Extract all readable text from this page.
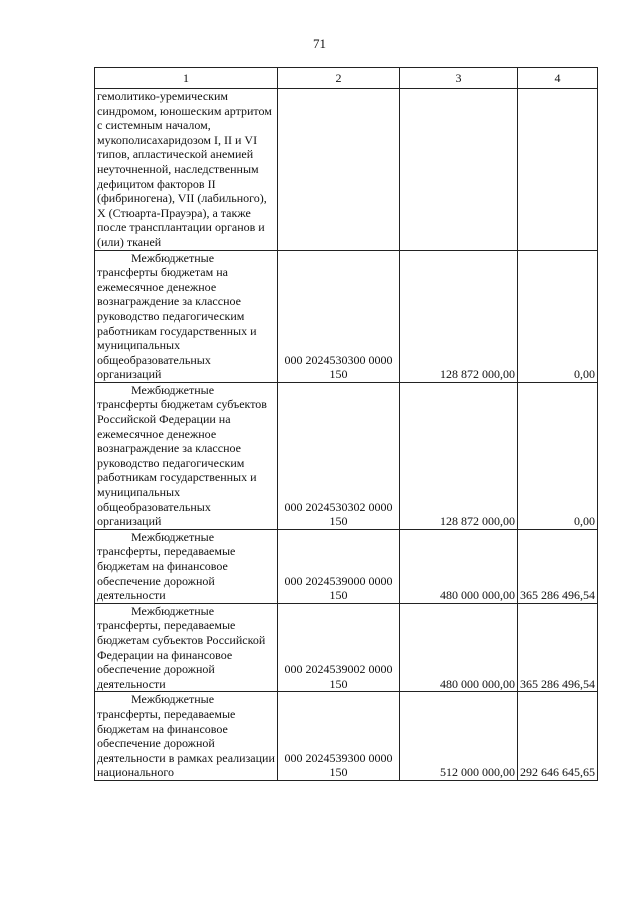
71
1	2	3	4
гемолитико-уремическим синдромом, юношеским артритом с системным началом, мукополисахаридозом I, II и VI типов, апластической анемией неуточненной, наследственным дефицитом факторов II (фибриногена), VII (лабильного), X (Стюарта-Прауэра), а также после трансплантации органов и (или) тканей			

Межбюджетные трансферты бюджетам на ежемесячное денежное вознаграждение за классное руководство педагогическим работникам государственных и муниципальных общеобразовательных организаций	000 2024530300 0000 150	128 872 000,00	0,00

Межбюджетные трансферты бюджетам субъектов Российской Федерации на ежемесячное денежное вознаграждение за классное руководство педагогическим работникам государственных и муниципальных общеобразовательных организаций	000 2024530302 0000 150	128 872 000,00	0,00

Межбюджетные трансферты, передаваемые бюджетам на финансовое обеспечение дорожной деятельности	000 2024539000 0000 150	480 000 000,00	365 286 496,54

Межбюджетные трансферты, передаваемые бюджетам субъектов Российской Федерации на финансовое обеспечение дорожной деятельности	000 2024539002 0000 150	480 000 000,00	365 286 496,54

Межбюджетные трансферты, передаваемые бюджетам на финансовое обеспечение дорожной деятельности в рамках реализации национального	000 2024539300 0000 150	512 000 000,00	292 646 645,65
